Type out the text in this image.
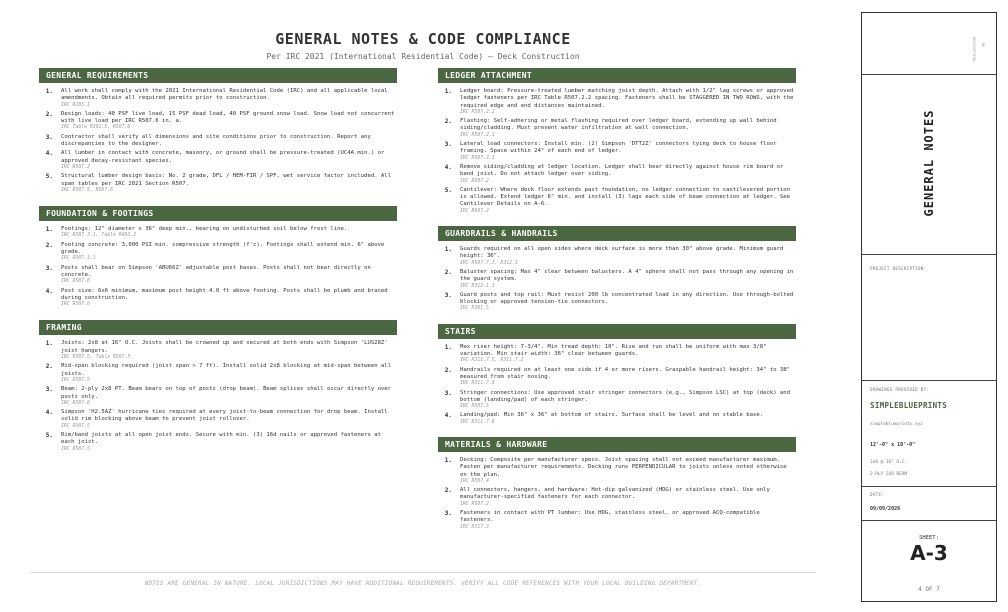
GENERAL NOTES & CODE COMPLIANCE
Per IRC 2021 (International Residential Code) — Deck Construction
GENERAL REQUIREMENTS
1.	All work shall comply with the 2021 International Residential Code (IRC) and all applicable local amendments. Obtain all required permits prior to construction.
IRC R105.1
2.	Design loads: 40 PSF live load, 15 PSF dead load, 40 PSF ground snow load. Snow load not concurrent with live load per IRC R507.6 in. a.
IRC Table R301.5, R507.6
3.	Contractor shall verify all dimensions and site conditions prior to construction. Report any discrepancies to the designer.
4.	All lumber in contact with concrete, masonry, or ground shall be pressure-treated (UC4A min.) or approved decay-resistant species.
IRC R507.2
5.	Structural lumber design basis: No. 2 grade, DFL / HEM-FIR / SPF, wet service factor included. All span tables per IRC 2021 Section R507.
IRC R507.5, R507.6
FOUNDATION & FOOTINGS
1.	Footings: 12" diameter x 36" deep min., bearing on undisturbed soil below frost line.
IRC R507.3.1, Table R403.2
2.	Footing concrete: 3,000 PSI min. compressive strength (f'c). Footings shall extend min. 6" above grade.
IRC R507.3.1
3.	Posts shall bear on Simpson 'ABU66Z' adjustable post bases. Posts shall not bear directly on concrete.
IRC R507.8
4.	Post size: 6x6 minimum, maximum post height 4.0 ft above footing. Posts shall be plumb and braced during construction.
IRC R507.8
FRAMING
1.	Joists: 2x8 at 16" O.C. Joists shall be crowned up and secured at both ends with Simpson 'LUS28Z' joist hangers.
IRC R507.5, Table R507.5
2.	Mid-span blocking required (joist span > 7 ft). Install solid 2x8 blocking at mid-span between all joists.
IRC R507.5
3.	Beam: 2-ply 2x8 PT. Beam bears on top of posts (drop beam). Beam splices shall occur directly over posts only.
IRC R507.6
4.	Simpson 'H2.5AZ' hurricane ties required at every joist-to-beam connection for drop beam. Install solid rim blocking above beam to prevent joist rollover.
IRC R507.5
5.	Rim/band joists at all open joist ends. Secure with min. (3) 16d nails or approved fasteners at each joist.
IRC R507.5
LEDGER ATTACHMENT
1.	Ledger board: Pressure-treated lumber matching joist depth. Attach with 1/2" lag screws or approved ledger fasteners per IRC Table R507.2.2 spacing. Fasteners shall be STAGGERED IN TWO ROWS, with the required edge and end distances maintained.
IRC R507.2.2
2.	Flashing: Self-adhering or metal flashing required over ledger board, extending up wall behind siding/cladding. Must prevent water infiltration at wall connection.
IRC R507.2.1
3.	Lateral load connectors: Install min. (2) Simpson 'DTT2Z' connectors tying deck to house floor framing. Space within 24" of each end of ledger.
IRC R507.2.3
4.	Remove siding/cladding at ledger location. Ledger shall bear directly against house rim board or band joist. Do not attach ledger over siding.
IRC R507.2
5.	Cantilever: Where deck floor extends past foundation, no ledger connection to cantilevered portion is allowed. Extend ledger 6" min. and install (3) lags each side of beam connection at ledger. See Cantilever Details on A-6.
IRC R507.2
GUARDRAILS & HANDRAILS
1.	Guards required on all open sides where deck surface is more than 30" above grade. Minimum guard height: 36".
IRC R507.7.3, R312.1
2.	Baluster spacing: Max 4" clear between balusters. A 4" sphere shall not pass through any opening in the guard system.
IRC R312.1.3
3.	Guard posts and top rail: Must resist 200 lb concentrated load in any direction. Use through-bolted blocking or approved tension-tie connectors.
IRC R301.5
STAIRS
1.	Max riser height: 7-3/4". Min tread depth: 10". Rise and run shall be uniform with max 3/8" variation. Min stair width: 36" clear between guards.
IRC R311.7.5, R311.7.2
2.	Handrails required on at least one side if 4 or more risers. Graspable handrail height: 34" to 38" measured from stair nosing.
IRC R311.7.8
3.	Stringer connections: Use approved stair stringer connectors (e.g., Simpson LSC) at top (deck) and bottom (landing/pad) of each stringer.
IRC R507.5
4.	Landing/pad: Min 36" x 36" at bottom of stairs. Surface shall be level and on stable base.
IRC R311.7.6
MATERIALS & HARDWARE
1.	Decking: Composite per manufacturer specs. Joist spacing shall not exceed manufacturer maximum. Fasten per manufacturer requirements. Decking runs PERPENDICULAR to joists unless noted otherwise on the plan.
IRC R507.4
2.	All connectors, hangers, and hardware: Hot-dip galvanized (HDG) or stainless steel. Use only manufacturer-specified fasteners for each connector.
IRC R507.2
3.	Fasteners in contact with PT lumber: Use HDG, stainless steel, or approved ACQ-compatible fasteners.
IRC R317.3
NOTES ARE GENERAL IN NATURE. LOCAL JURISDICTIONS MAY HAVE ADDITIONAL REQUIREMENTS. VERIFY ALL CODE REFERENCES WITH YOUR LOCAL BUILDING DEPARTMENT.
DESCRIPTION: DD
GENERAL NOTES
PROJECT DESCRIPTION:
DRAWINGS PROVIDED BY:
SIMPLEBLUEPRINTS
simpleblueprints.xyz
12'-0" x 10'-0"
2x8 @ 16" O.C.
2-PLY 2X8 BEAM
DATE:
09/09/2026
SHEET:
A-3
4 OF 7
